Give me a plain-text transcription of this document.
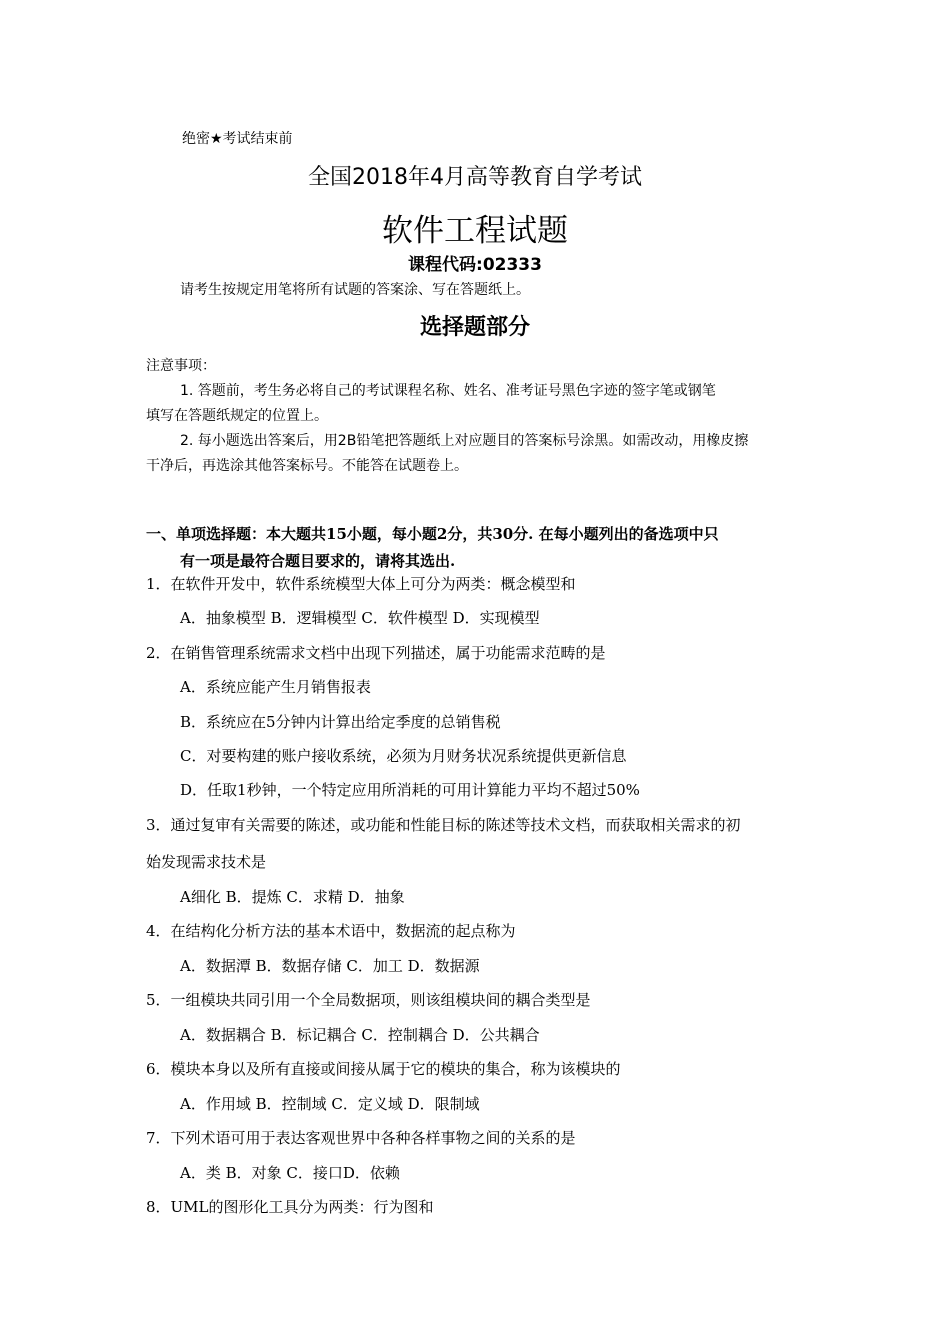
绝密★考试结束前
全国2018年4月高等教育自学考试
软件工程试题
课程代码:02333
请考生按规定用笔将所有试题的答案涂、写在答题纸上。
选择题部分
注意事项：
1. 答题前，考生务必将自己的考试课程名称、姓名、准考证号黑色字迹的签字笔或钢笔
填写在答题纸规定的位置上。
2. 每小题选出答案后，用2B铅笔把答题纸上对应题目的答案标号涂黑。如需改动，用橡皮擦
干净后，再选涂其他答案标号。不能答在试题卷上。
一、单项选择题：本大题共15小题，每小题2分，共30分. 在每小题列出的备选项中只
有一项是最符合题目要求的，请将其选出.
1．在软件开发中，软件系统模型大体上可分为两类：概念模型和
A．抽象模型 B．逻辑模型 C．软件模型 D．实现模型
2．在销售管理系统需求文档中出现下列描述，属于功能需求范畴的是
A．系统应能产生月销售报表
B．系统应在5分钟内计算出给定季度的总销售税
C．对要构建的账户接收系统，必须为月财务状况系统提供更新信息
D．任取1秒钟，一个特定应用所消耗的可用计算能力平均不超过50%
3．通过复审有关需要的陈述，或功能和性能目标的陈述等技术文档，而获取相关需求的初
始发现需求技术是
A细化 B．提炼 C．求精 D．抽象
4．在结构化分析方法的基本术语中，数据流的起点称为
A．数据潭 B．数据存储 C．加工 D．数据源
5．一组模块共同引用一个全局数据项，则该组模块间的耦合类型是
A．数据耦合 B．标记耦合 C．控制耦合 D．公共耦合
6．模块本身以及所有直接或间接从属于它的模块的集合，称为该模块的
A．作用域 B．控制域 C．定义域 D．限制域
7．下列术语可用于表达客观世界中各种各样事物之间的关系的是
A．类 B．对象 C．接口D．依赖
8．UML的图形化工具分为两类：行为图和
